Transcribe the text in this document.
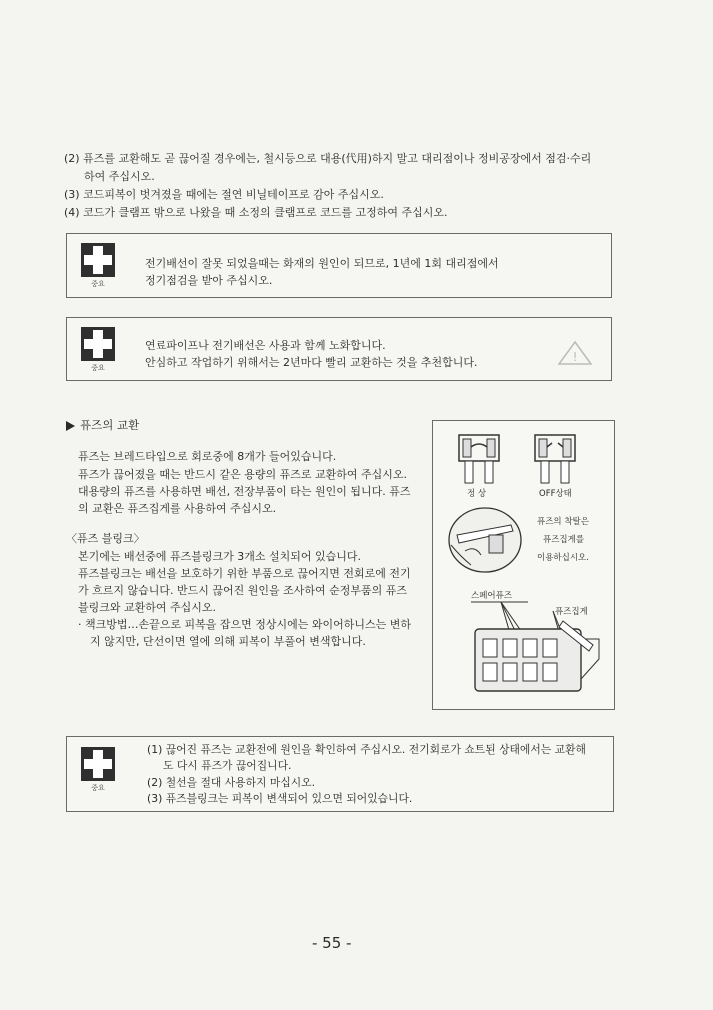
(2) 퓨즈를 교환해도 곧 끊어질 경우에는, 철시등으로 대용(代用)하지 말고 대리점이나 정비공장에서 점검·수리
하여 주십시오.
(3) 코드피복이 벗겨졌을 때에는 절연 비닐테이프로 감아 주십시오.
(4) 코드가 클램프 밖으로 나왔을 때 소정의 클램프로 코드를 고정하여 주십시오.
중요
전기배선이 잘못 되었을때는 화재의 원인이 되므로, 1년에 1회 대리점에서
정기점검을 받아 주십시오.
중요
연료파이프나 전기배선은 사용과 함께 노화합니다.
안심하고 작업하기 위해서는 2년마다 빨리 교환하는 것을 추천합니다.	!
퓨즈의 교환
퓨즈는 브레드타입으로 회로중에 8개가 들어있습니다.
퓨즈가 끊어졌을 때는 반드시 같은 용량의 퓨즈로 교환하여 주십시오.
대용량의 퓨즈를 사용하면 배선, 전장부품이 타는 원인이 됩니다. 퓨즈
의 교환은 퓨즈집게를 사용하여 주십시오.
〈퓨즈 블링크〉
본기에는 배선중에 퓨즈블링크가 3개소 설치되어 있습니다.
퓨즈블링크는 배선을 보호하기 위한 부품으로 끊어지면 전회로에 전기
가 흐르지 않습니다. 반드시 끊어진 원인을 조사하여 순정부품의 퓨즈
블링크와 교환하여 주십시오.
· 책크방법…손끝으로 피복을 잡으면 정상시에는 와이어하니스는 변하
지 않지만, 단선이면 열에 의해 피복이 부풀어 변색합니다.
정 상	OFF상태
퓨즈의 착탈은
퓨즈집게를
이용하십시오.
스페어퓨즈
퓨즈집게
중요
(1) 끊어진 퓨즈는 교환전에 원인을 확인하여 주십시오. 전기회로가 쇼트된 상태에서는 교환해
도 다시 퓨즈가 끊어집니다.
(2) 철선을 절대 사용하지 마십시오.
(3) 퓨즈블링크는 피복이 변색되어 있으면 되어있습니다.
- 55 -
